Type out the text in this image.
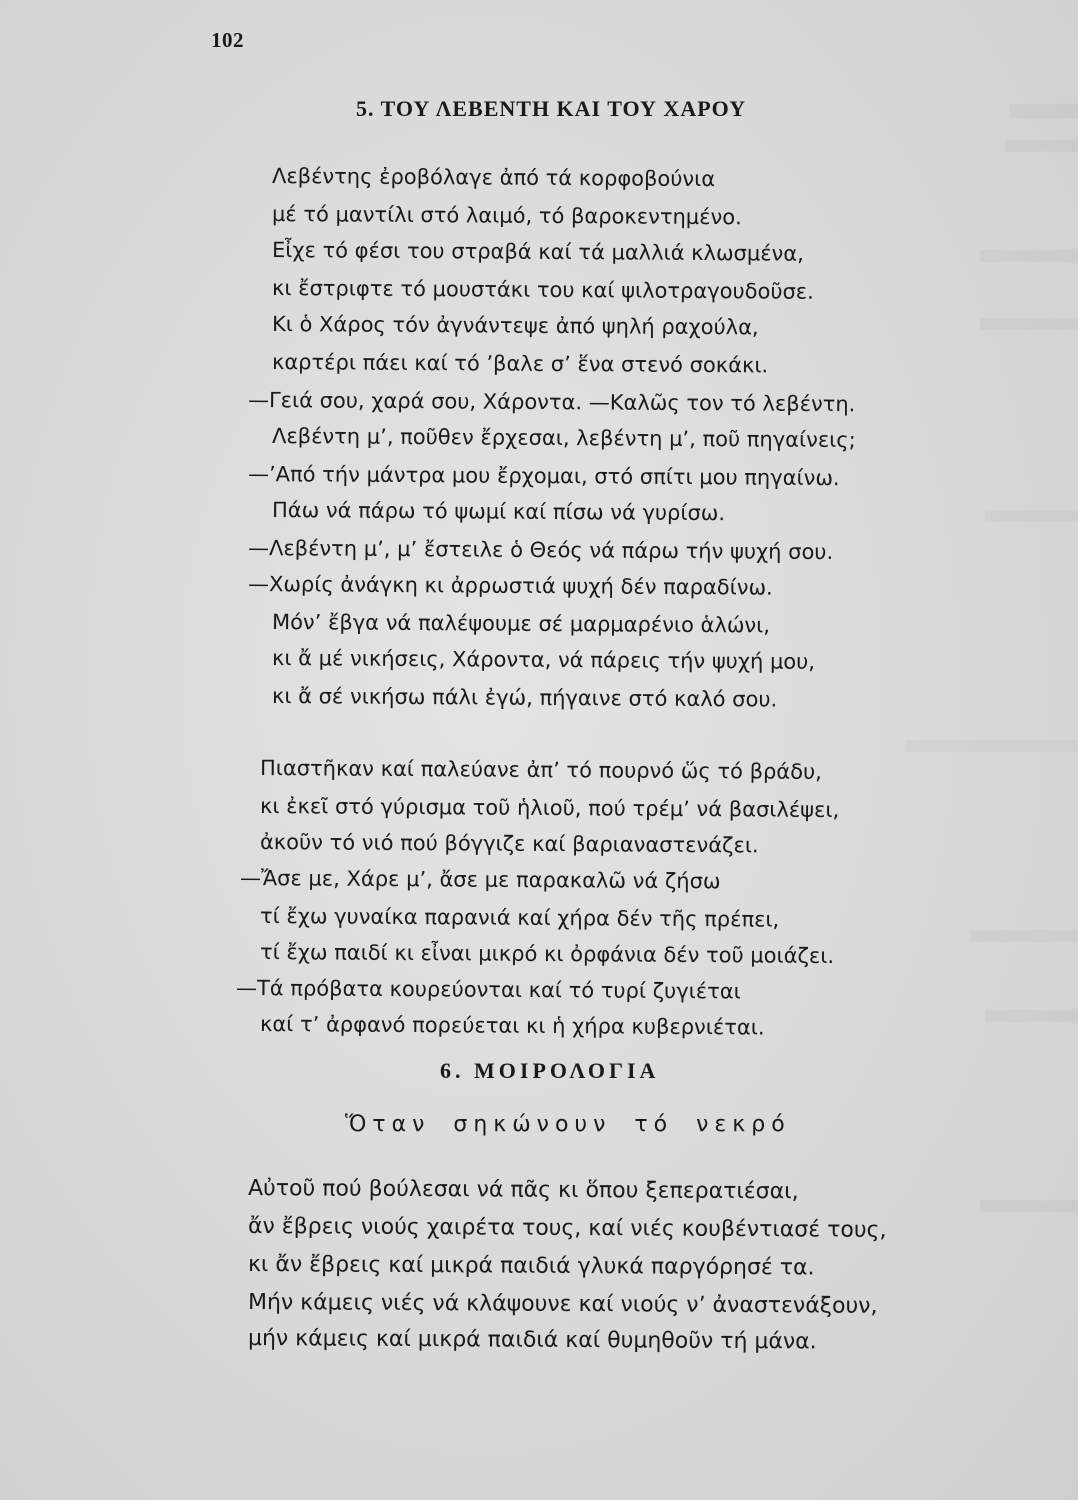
102
5. ΤΟΥ ΛΕΒΕΝΤΗ ΚΑΙ ΤΟΥ ΧΑΡΟΥ
Λεβέντης ἐροβόλαγε ἀπό τά κορφοβούνια
μέ τό μαντίλι στό λαιμό, τό βαροκεντημένο.
Εἶχε τό φέσι του στραβά καί τά μαλλιά κλωσμένα,
κι ἔστριφτε τό μουστάκι του καί ψιλοτραγουδοῦσε.
Κι ὁ Χάρος τόν ἀγνάντεψε ἀπό ψηλή ραχούλα,
καρτέρι πάει καί τό ’βαλε σ’ ἕνα στενό σοκάκι.
—Γειά σου, χαρά σου, Χάροντα. —Καλῶς τον τό λεβέντη.
Λεβέντη μ’, ποῦθεν ἔρχεσαι, λεβέντη μ’, ποῦ πηγαίνεις;
—’Από τήν μάντρα μου ἔρχομαι, στό σπίτι μου πηγαίνω.
Πάω νά πάρω τό ψωμί καί πίσω νά γυρίσω.
—Λεβέντη μ’, μ’ ἔστειλε ὁ Θεός νά πάρω τήν ψυχή σου.
—Χωρίς ἀνάγκη κι ἀρρωστιά ψυχή δέν παραδίνω.
Μόν’ ἔβγα νά παλέψουμε σέ μαρμαρένιο ἁλώνι,
κι ἄ μέ νικήσεις, Χάροντα, νά πάρεις τήν ψυχή μου,
κι ἄ σέ νικήσω πάλι ἐγώ, πήγαινε στό καλό σου.
Πιαστῆκαν καί παλεύανε ἀπ’ τό πουρνό ὥς τό βράδυ,
κι ἐκεῖ στό γύρισμα τοῦ ἡλιοῦ, πού τρέμ’ νά βασιλέψει,
ἀκοῦν τό νιό πού βόγγιζε καί βαριαναστενάζει.
—Ἄσε με, Χάρε μ’, ἄσε με παρακαλῶ νά ζήσω
τί ἔχω γυναίκα παρανιά καί χήρα δέν τῆς πρέπει,
τί ἔχω παιδί κι εἶναι μικρό κι ὀρφάνια δέν τοῦ μοιάζει.
—Τά πρόβατα κουρεύονται καί τό τυρί ζυγιέται
καί τ’ ἀρφανό πορεύεται κι ἡ χήρα κυβερνιέται.
6. ΜΟΙΡΟΛΟΓΙΑ
Ὅταν σηκώνουν τό νεκρό
Αὐτοῦ πού βούλεσαι νά πᾶς κι ὅπου ξεπερατιέσαι,
ἄν ἔβρεις νιούς χαιρέτα τους, καί νιές κουβέντιασέ τους,
κι ἄν ἔβρεις καί μικρά παιδιά γλυκά παργόρησέ τα.
Μήν κάμεις νιές νά κλάψουνε καί νιούς ν’ ἀναστενάξουν,
μήν κάμεις καί μικρά παιδιά καί θυμηθοῦν τή μάνα.
